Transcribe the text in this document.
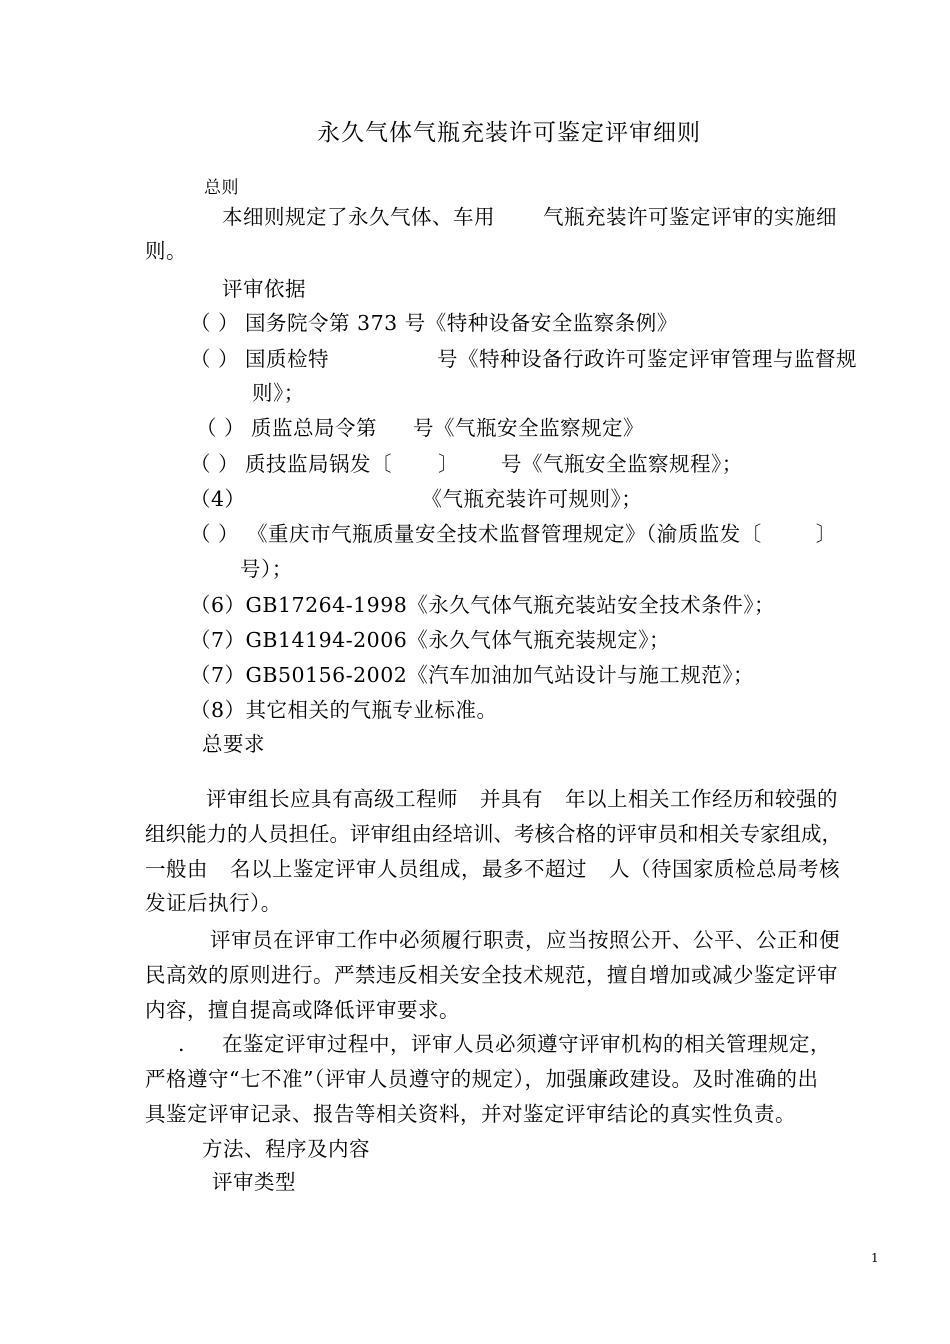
永久气体气瓶充装许可鉴定评审细则
总则
本细则规定了永久气体、车用 气瓶充装许可鉴定评审的实施细
则。
评审依据
（ ） 国务院令第 373 号《特种设备安全监察条例》
（ ） 国质检特	号《特种设备行政许可鉴定评审管理与监督规
则》；
（ ） 质监总局令第 号《气瓶安全监察规定》
（ ） 质技监局锅发〔 〕 号《气瓶安全监察规程》；
（4）	《气瓶充装许可规则》；
（ ） 《重庆市气瓶质量安全技术监督管理规定》（渝质监发〔	〕
号）；
（6）GB17264-1998《永久气体气瓶充装站安全技术条件》；
（7）GB14194-2006《永久气体气瓶充装规定》；
（7）GB50156-2002《汽车加油加气站设计与施工规范》；
（8）其它相关的气瓶专业标准。
总要求
评审组长应具有高级工程师 并具有 年以上相关工作经历和较强的
组织能力的人员担任。评审组由经培训、考核合格的评审员和相关专家组成，
一般由 名以上鉴定评审人员组成，最多不超过 人（待国家质检总局考核
发证后执行）。
评审员在评审工作中必须履行职责，应当按照公开、公平、公正和便
民高效的原则进行。严禁违反相关安全技术规范，擅自增加或减少鉴定评审
内容，擅自提高或降低评审要求。
. 在鉴定评审过程中，评审人员必须遵守评审机构的相关管理规定，
严格遵守“七不准”（评审人员遵守的规定），加强廉政建设。及时准确的出
具鉴定评审记录、报告等相关资料，并对鉴定评审结论的真实性负责。
方法、程序及内容
评审类型
1
